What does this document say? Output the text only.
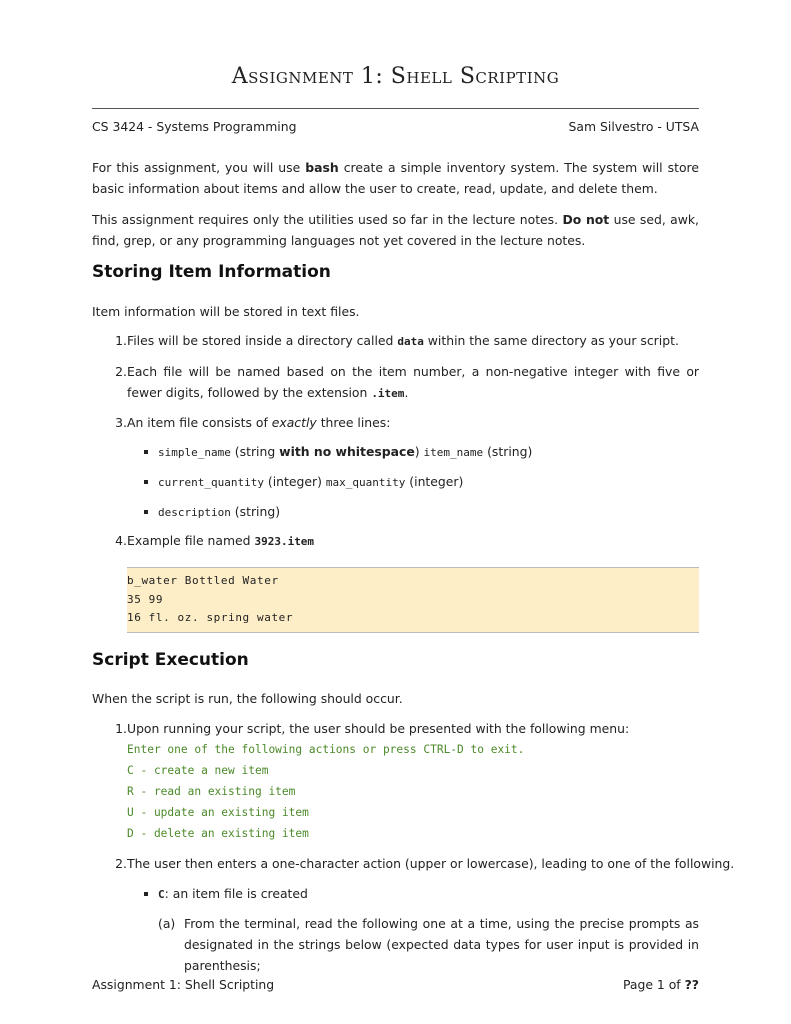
Assignment 1: Shell Scripting
CS 3424 - Systems Programming	Sam Silvestro - UTSA
For this assignment, you will use bash create a simple inventory system. The system will store basic information about items and allow the user to create, read, update, and delete them.
This assignment requires only the utilities used so far in the lecture notes. Do not use sed, awk, find, grep, or any programming languages not yet covered in the lecture notes.
Storing Item Information
Item information will be stored in text files.
1. Files will be stored inside a directory called data within the same directory as your script.
2. Each file will be named based on the item number, a non-negative integer with five or fewer digits, followed by the extension .item.
3. An item file consists of exactly three lines:
simple_name (string with no whitespace) item_name (string)
current_quantity (integer) max_quantity (integer)
description (string)
4. Example file named 3923.item
b_water Bottled Water
35 99
16 fl. oz. spring water
Script Execution
When the script is run, the following should occur.
1. Upon running your script, the user should be presented with the following menu:
Enter one of the following actions or press CTRL-D to exit.
C - create a new item
R - read an existing item
U - update an existing item
D - delete an existing item
2. The user then enters a one-character action (upper or lowercase), leading to one of the following.
C: an item file is created
(a) From the terminal, read the following one at a time, using the precise prompts as designated in the strings below (expected data types for user input is provided in parenthesis;
Assignment 1: Shell Scripting	Page 1 of ??
